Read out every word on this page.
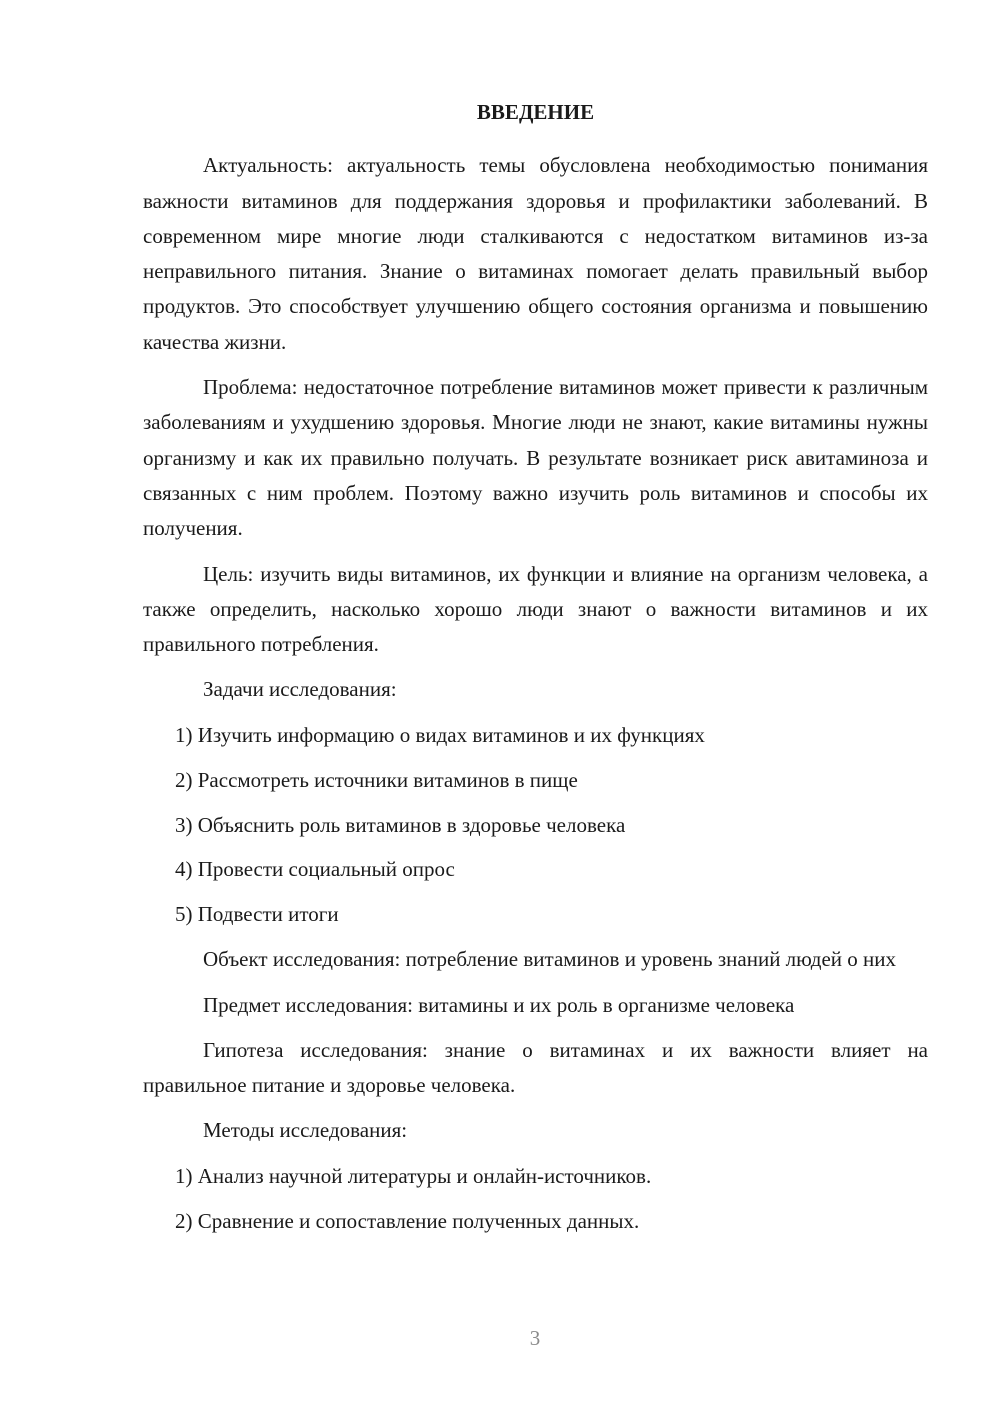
ВВЕДЕНИЕ

Актуальность: актуальность темы обусловлена необходимостью понимания важности витаминов для поддержания здоровья и профилактики заболеваний. В современном мире многие люди сталкиваются с недостатком витаминов из-за неправильного питания. Знание о витаминах помогает делать правильный выбор продуктов. Это способствует улучшению общего состояния организма и повышению качества жизни.

Проблема: недостаточное потребление витаминов может привести к различным заболеваниям и ухудшению здоровья. Многие люди не знают, какие витамины нужны организму и как их правильно получать. В результате возникает риск авитаминоза и связанных с ним проблем. Поэтому важно изучить роль витаминов и способы их получения.

Цель: изучить виды витаминов, их функции и влияние на организм человека, а также определить, насколько хорошо люди знают о важности витаминов и их правильного потребления.

Задачи исследования:
1) Изучить информацию о видах витаминов и их функциях
2) Рассмотреть источники витаминов в пище
3) Объяснить роль витаминов в здоровье человека
4) Провести социальный опрос
5) Подвести итоги

Объект исследования: потребление витаминов и уровень знаний людей о них

Предмет исследования: витамины и их роль в организме человека

Гипотеза исследования: знание о витаминах и их важности влияет на правильное питание и здоровье человека.

Методы исследования:
1) Анализ научной литературы и онлайн-источников.
2) Сравнение и сопоставление полученных данных.
3
